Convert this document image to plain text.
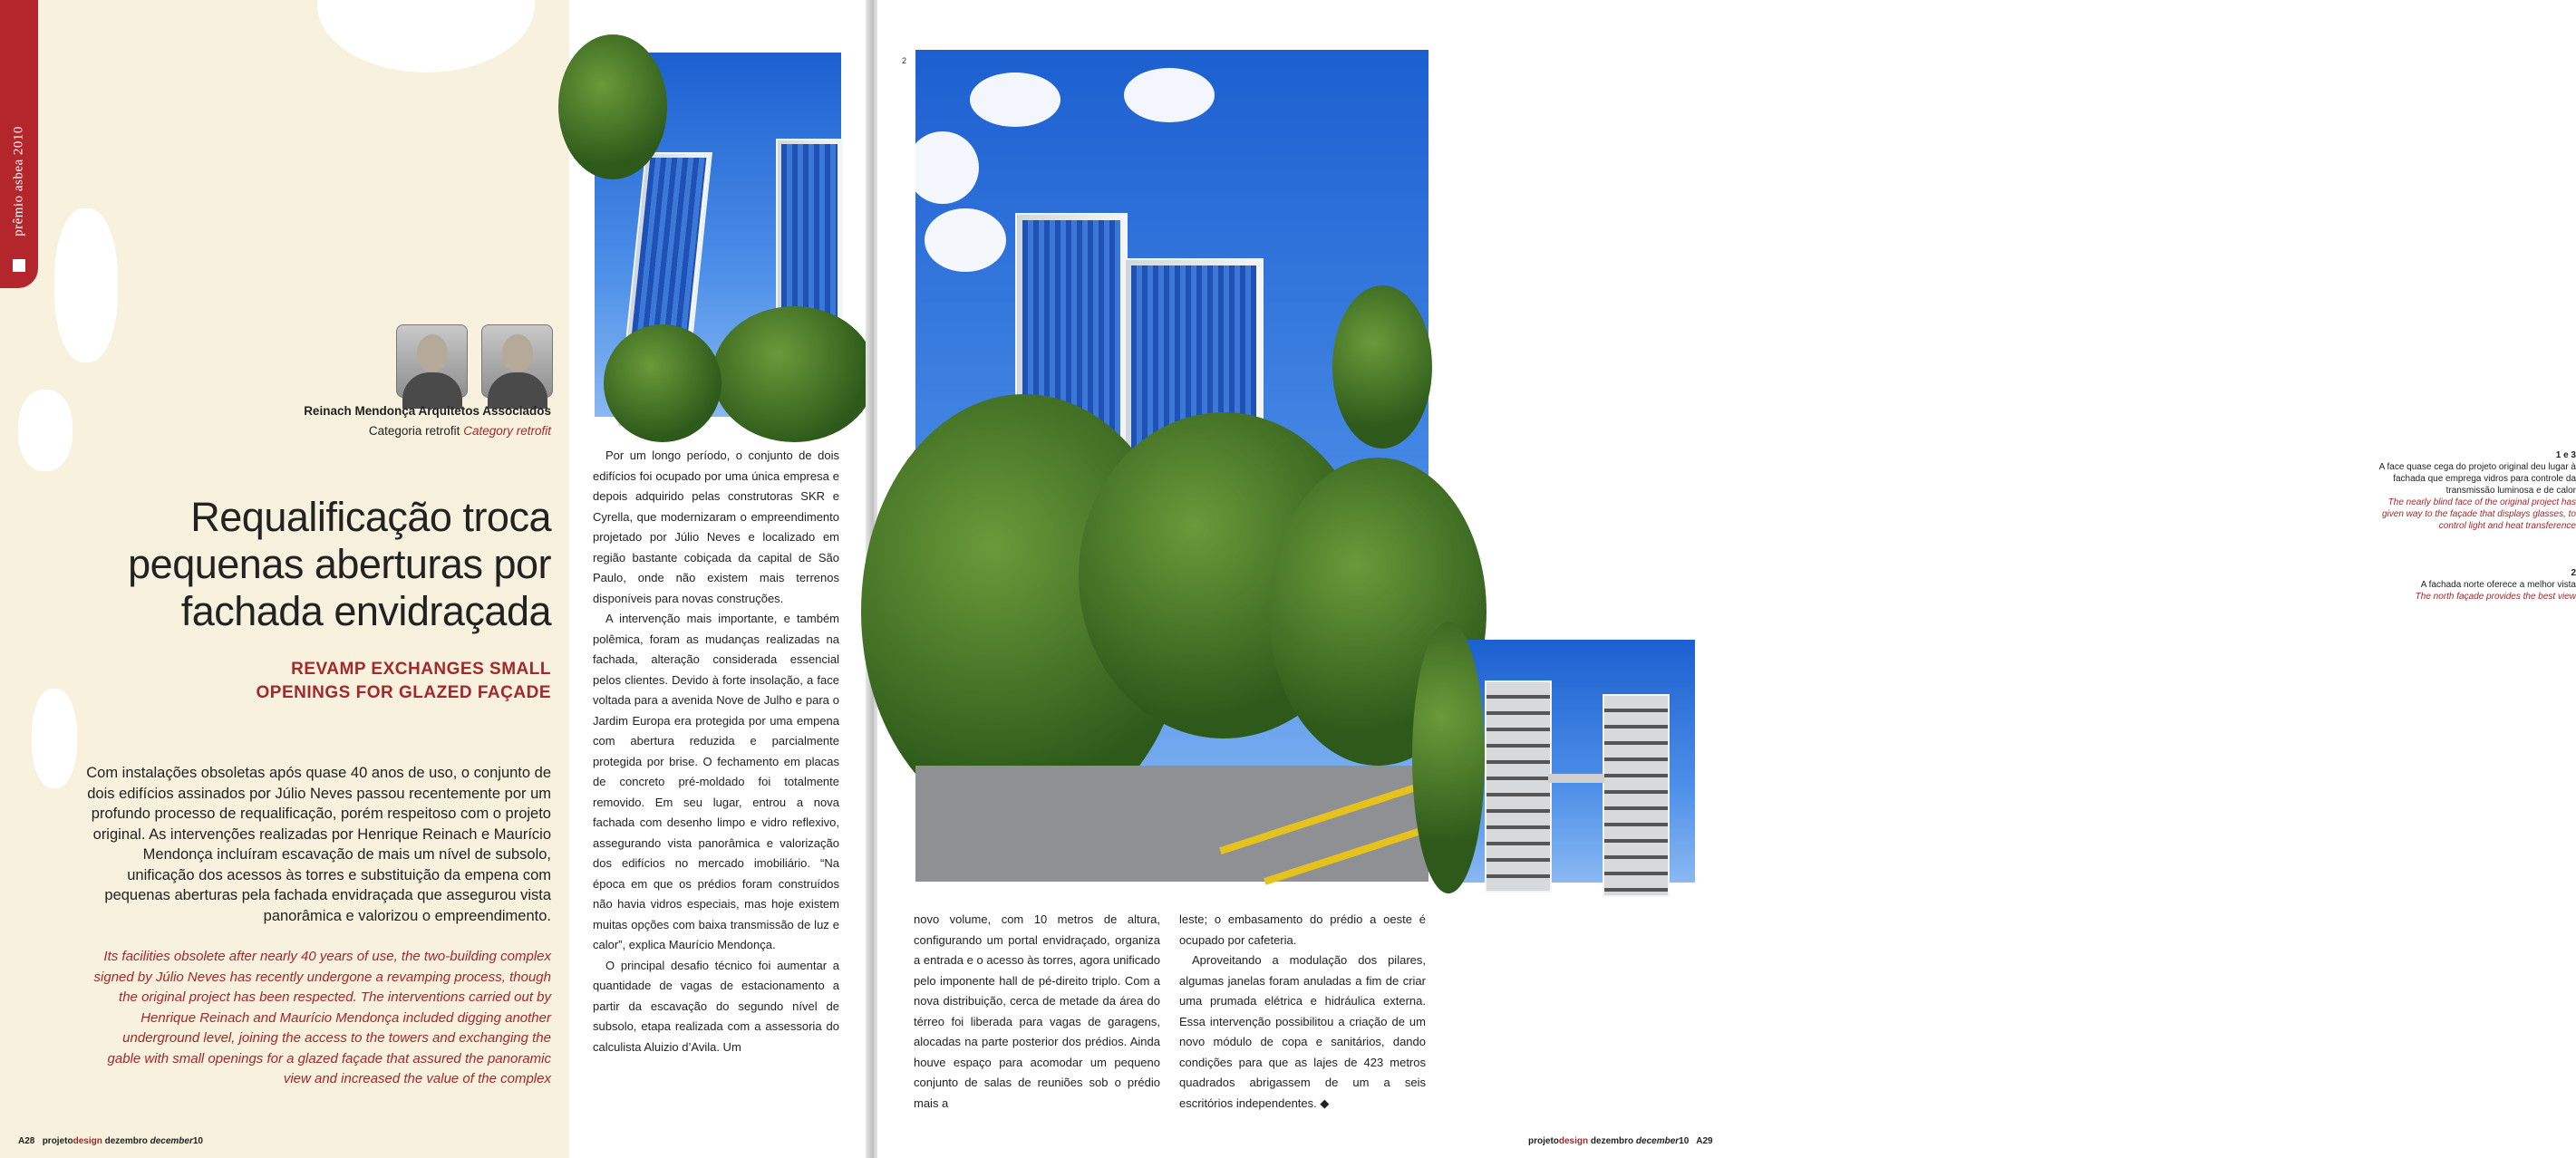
prêmio asbea 2010
Reinach Mendonça Arquitetos Associados
Categoria retrofit Category retrofit
Requalificação troca
pequenas aberturas por
fachada envidraçada
REVAMP EXCHANGES SMALL
OPENINGS FOR GLAZED FAÇADE
Com instalações obsoletas após quase 40 anos de uso, o conjunto de dois edifícios assinados por Júlio Neves passou recentemente por um profundo processo de requalificação, porém respeitoso com o projeto original. As intervenções realizadas por Henrique Reinach e Maurício Mendonça incluíram escavação de mais um nível de subsolo, unificação dos acessos às torres e substituição da empena com pequenas aberturas pela fachada envidraçada que assegurou vista panorâmica e valorizou o empreendimento.
Its facilities obsolete after nearly 40 years of use, the two-building complex signed by Júlio Neves has recently undergone a revamping process, though the original project has been respected. The interventions carried out by Henrique Reinach and Maurício Mendonça included digging another underground level, joining the access to the towers and exchanging the gable with small openings for a glazed façade that assured the panoramic view and increased the value of the complex

Por um longo período, o conjunto de dois edifícios foi ocupado por uma única empresa e depois adquirido pelas construtoras SKR e Cyrella, que modernizaram o empreendimento projetado por Júlio Neves e localizado em região bastante cobiçada da capital de São Paulo, onde não existem mais terrenos disponíveis para novas construções.

A intervenção mais importante, e também polêmica, foram as mudanças realizadas na fachada, alteração considerada essencial pelos clientes. Devido à forte insolação, a face voltada para a avenida Nove de Julho e para o Jardim Europa era protegida por uma empena com abertura reduzida e parcialmente protegida por brise. O fechamento em placas de concreto pré-moldado foi totalmente removido. Em seu lugar, entrou a nova fachada com desenho limpo e vidro reflexivo, assegurando vista panorâmica e valorização dos edifícios no mercado imobiliário. “Na época em que os prédios foram construídos não havia vidros especiais, mas hoje existem muitas opções com baixa transmissão de luz e calor”, explica Maurício Mendonça.

O principal desafio técnico foi aumentar a quantidade de vagas de estacionamento a partir da escavação do segundo nível de subsolo, etapa realizada com a assessoria do calculista Aluizio d’Avila. Um

A28 projetodesign dezembro december10
2
1 e 3
A face quase cega do projeto original deu lugar à fachada que emprega vidros para controle da transmissão luminosa e de calor
The nearly blind face of the original project has given way to the façade that displays glasses, to control light and heat transference
2
A fachada norte oferece a melhor vista
The north façade provides the best view
novo volume, com 10 metros de altura, configurando um portal envidraçado, organiza a entrada e o acesso às torres, agora unificado pelo imponente hall de pé-direito triplo. Com a nova distribuição, cerca de metade da área do térreo foi liberada para vagas de garagens, alocadas na parte posterior dos prédios. Ainda houve espaço para acomodar um pequeno conjunto de salas de reuniões sob o prédio mais a
leste; o embasamento do prédio a oeste é ocupado por cafeteria.

Aproveitando a modulação dos pilares, algumas janelas foram anuladas a fim de criar uma prumada elétrica e hidráulica externa. Essa intervenção possibilitou a criação de um novo módulo de copa e sanitários, dando condições para que as lajes de 423 metros quadrados abrigassem de um a seis escritórios independentes. ◆

projetodesign dezembro december10 A29
